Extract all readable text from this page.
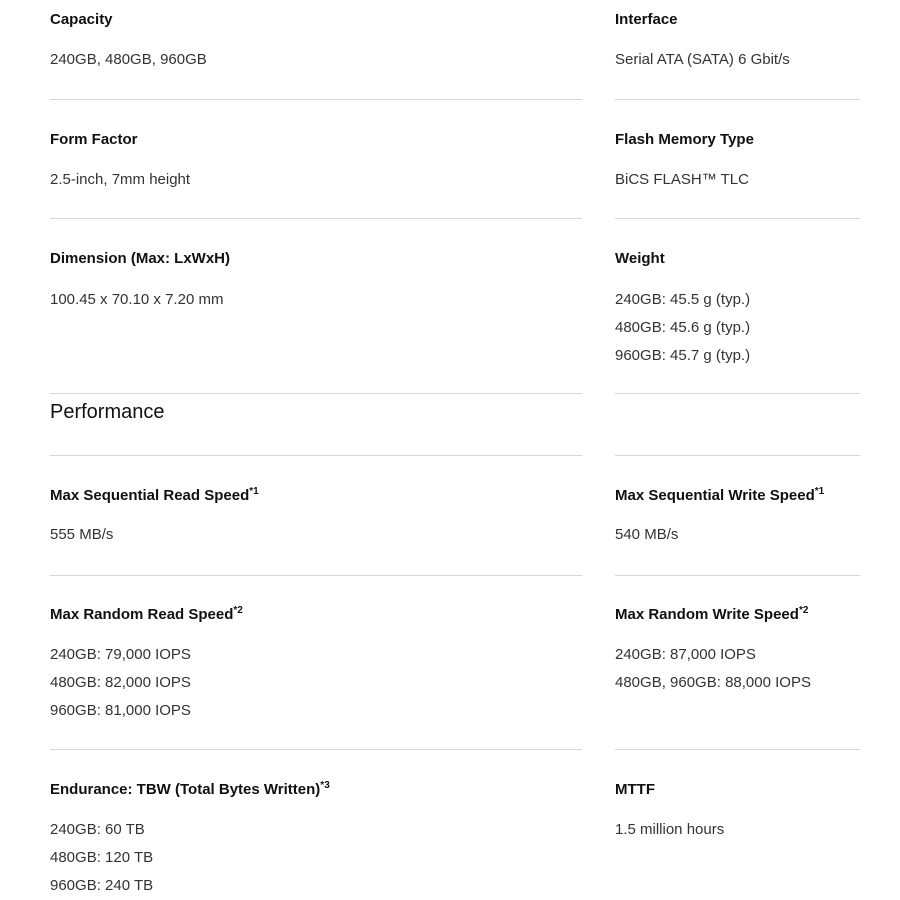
Capacity
240GB, 480GB, 960GB
Interface
Serial ATA (SATA) 6 Gbit/s
Form Factor
2.5-inch, 7mm height
Flash Memory Type
BiCS FLASH™ TLC
Dimension (Max: LxWxH)
100.45 x 70.10 x 7.20 mm
Weight
240GB: 45.5 g (typ.)
480GB: 45.6 g (typ.)
960GB: 45.7 g (typ.)
Performance
Max Sequential Read Speed$^{*1}$
555 MB/s
Max Sequential Write Speed$^{*1}$
540 MB/s
Max Random Read Speed$^{*2}$
240GB: 79,000 IOPS
480GB: 82,000 IOPS
960GB: 81,000 IOPS
Max Random Write Speed$^{*2}$
240GB: 87,000 IOPS
480GB, 960GB: 88,000 IOPS
Endurance: TBW (Total Bytes Written)$^{*3}$
240GB: 60 TB
480GB: 120 TB
960GB: 240 TB
MTTF
1.5 million hours
